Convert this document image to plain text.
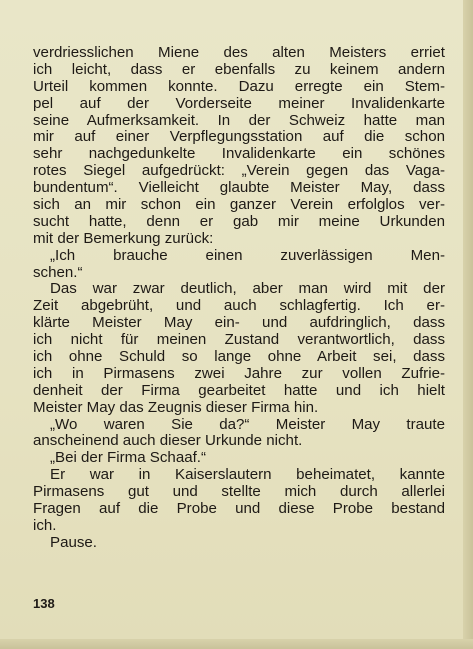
verdriesslichen Miene des alten Meisters erriet
ich leicht, dass er ebenfalls zu keinem andern
Urteil kommen konnte. Dazu erregte ein Stem-
pel auf der Vorderseite meiner Invalidenkarte
seine Aufmerksamkeit. In der Schweiz hatte man
mir auf einer Verpflegungsstation auf die schon
sehr nachgedunkelte Invalidenkarte ein schönes
rotes Siegel aufgedrückt: „Verein gegen das Vaga-
bundentum“. Vielleicht glaubte Meister May, dass
sich an mir schon ein ganzer Verein erfolglos ver-
sucht hatte, denn er gab mir meine Urkunden
mit der Bemerkung zurück:
„Ich brauche einen zuverlässigen Men-
schen.“
Das war zwar deutlich, aber man wird mit der
Zeit abgebrüht, und auch schlagfertig. Ich er-
klärte Meister May ein- und aufdringlich, dass
ich nicht für meinen Zustand verantwortlich, dass
ich ohne Schuld so lange ohne Arbeit sei, dass
ich in Pirmasens zwei Jahre zur vollen Zufrie-
denheit der Firma gearbeitet hatte und ich hielt
Meister May das Zeugnis dieser Firma hin.
„Wo waren Sie da?“ Meister May traute
anscheinend auch dieser Urkunde nicht.
„Bei der Firma Schaaf.“
Er war in Kaiserslautern beheimatet, kannte
Pirmasens gut und stellte mich durch allerlei
Fragen auf die Probe und diese Probe bestand
ich.
Pause.
138
